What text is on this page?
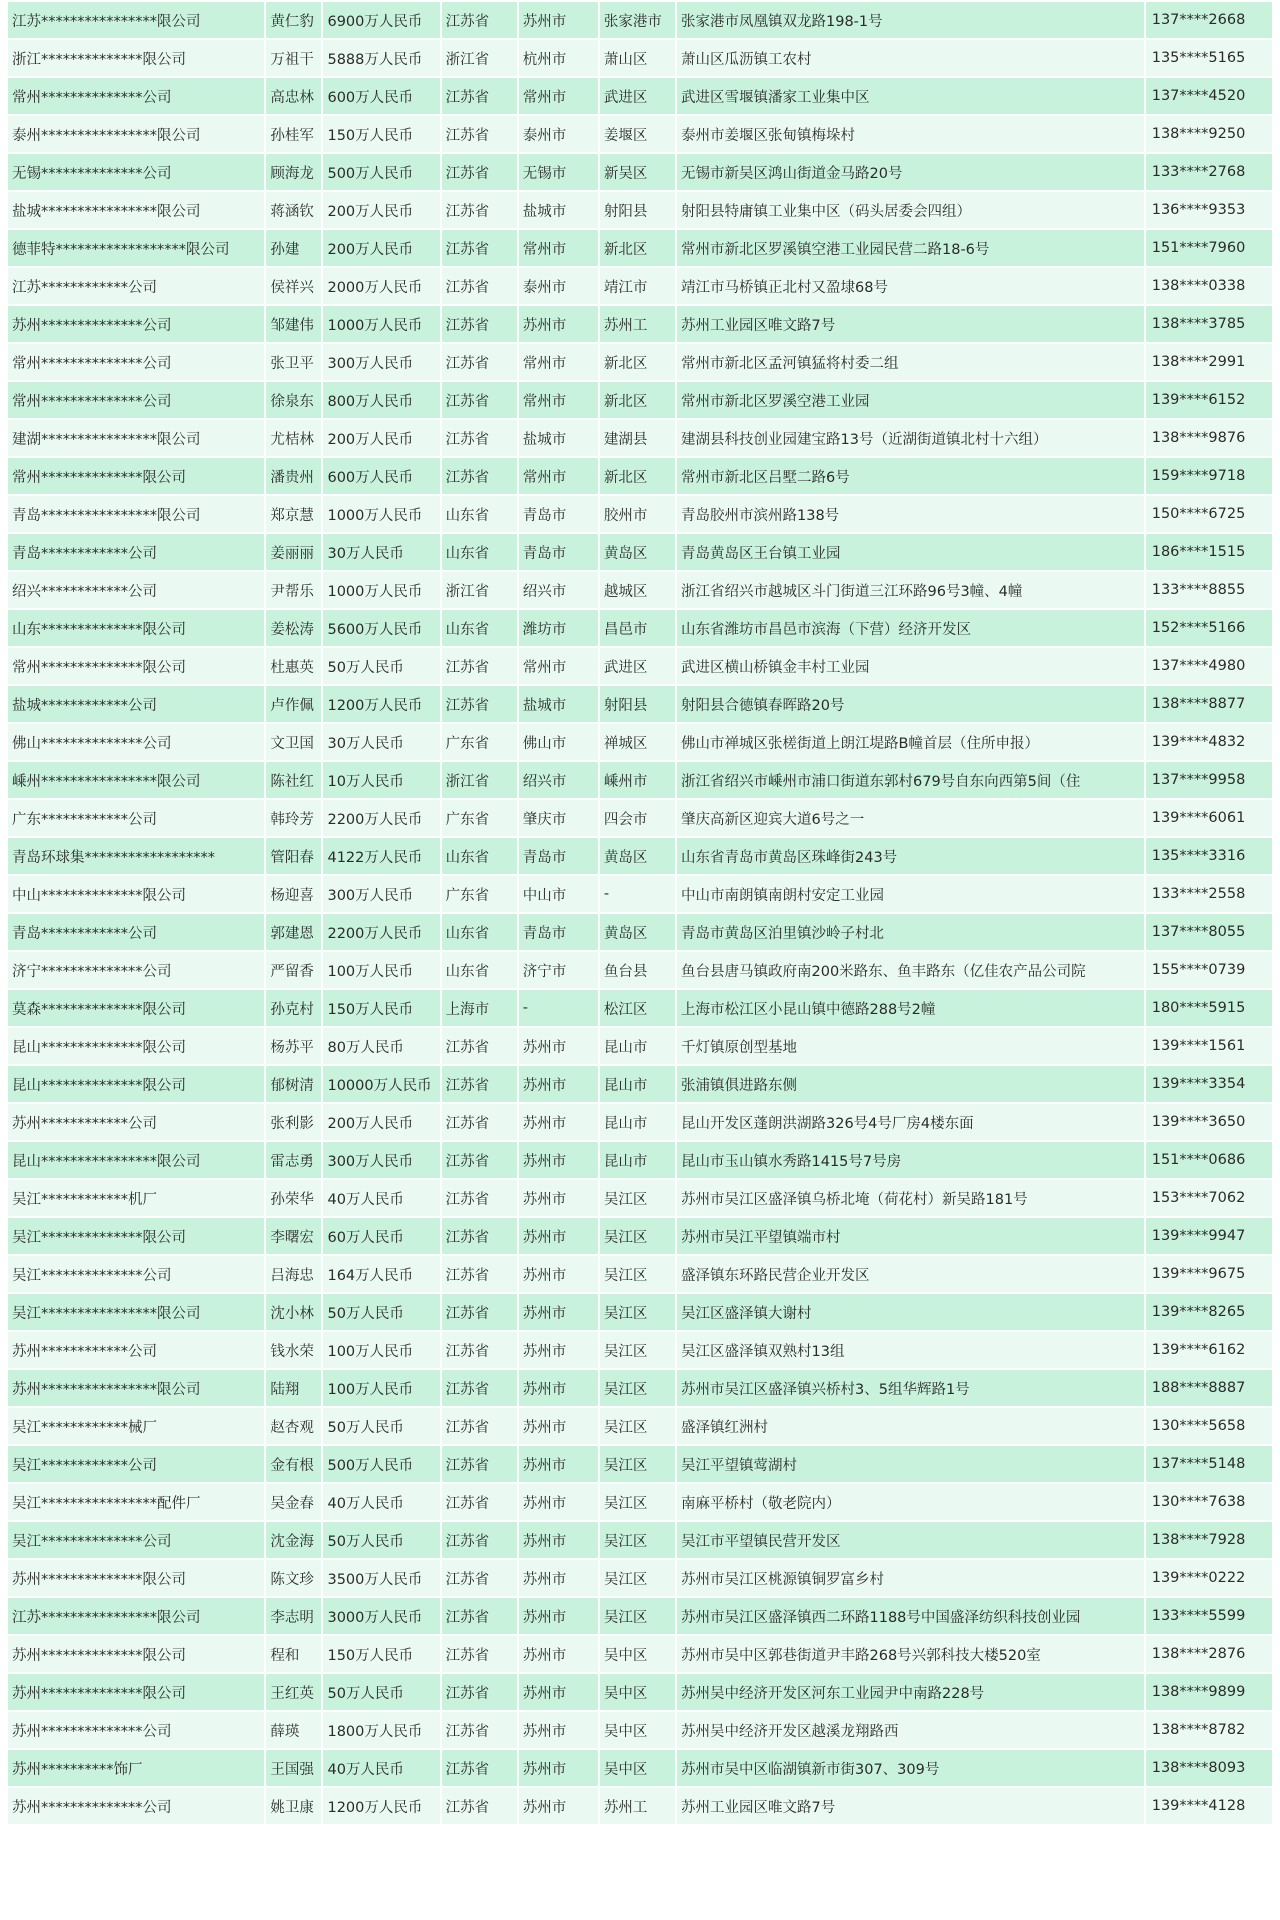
江苏****************限公司	黄仁豹	6900万人民币	江苏省	苏州市	张家港市	张家港市凤凰镇双龙路198-1号	137****2668
浙江**************限公司	万祖干	5888万人民币	浙江省	杭州市	萧山区	萧山区瓜沥镇工农村	135****5165
常州**************公司	高忠林	600万人民币	江苏省	常州市	武进区	武进区雪堰镇潘家工业集中区	137****4520
泰州****************限公司	孙桂军	150万人民币	江苏省	泰州市	姜堰区	泰州市姜堰区张甸镇梅垛村	138****9250
无锡**************公司	顾海龙	500万人民币	江苏省	无锡市	新吴区	无锡市新吴区鸿山街道金马路20号	133****2768
盐城****************限公司	蒋涵钦	200万人民币	江苏省	盐城市	射阳县	射阳县特庸镇工业集中区（码头居委会四组）	136****9353
德菲特******************限公司	孙建	200万人民币	江苏省	常州市	新北区	常州市新北区罗溪镇空港工业园民营二路18-6号	151****7960
江苏************公司	侯祥兴	2000万人民币	江苏省	泰州市	靖江市	靖江市马桥镇正北村又盈埭68号	138****0338
苏州**************公司	邹建伟	1000万人民币	江苏省	苏州市	苏州工	苏州工业园区唯文路7号	138****3785
常州**************公司	张卫平	300万人民币	江苏省	常州市	新北区	常州市新北区孟河镇猛将村委二组	138****2991
常州**************公司	徐泉东	800万人民币	江苏省	常州市	新北区	常州市新北区罗溪空港工业园	139****6152
建湖****************限公司	尤桔林	200万人民币	江苏省	盐城市	建湖县	建湖县科技创业园建宝路13号（近湖街道镇北村十六组）	138****9876
常州**************限公司	潘贵州	600万人民币	江苏省	常州市	新北区	常州市新北区吕墅二路6号	159****9718
青岛****************限公司	郑京慧	1000万人民币	山东省	青岛市	胶州市	青岛胶州市滨州路138号	150****6725
青岛************公司	姜丽丽	30万人民币	山东省	青岛市	黄岛区	青岛黄岛区王台镇工业园	186****1515
绍兴************公司	尹帮乐	1000万人民币	浙江省	绍兴市	越城区	浙江省绍兴市越城区斗门街道三江环路96号3幢、4幢	133****8855
山东**************限公司	姜松涛	5600万人民币	山东省	潍坊市	昌邑市	山东省潍坊市昌邑市滨海（下营）经济开发区	152****5166
常州**************限公司	杜惠英	50万人民币	江苏省	常州市	武进区	武进区横山桥镇金丰村工业园	137****4980
盐城************公司	卢作佩	1200万人民币	江苏省	盐城市	射阳县	射阳县合德镇春晖路20号	138****8877
佛山**************公司	文卫国	30万人民币	广东省	佛山市	禅城区	佛山市禅城区张槎街道上朗江堤路B幢首层（住所申报）	139****4832
嵊州****************限公司	陈社红	10万人民币	浙江省	绍兴市	嵊州市	浙江省绍兴市嵊州市浦口街道东郭村679号自东向西第5间（住	137****9958
广东************公司	韩玲芳	2200万人民币	广东省	肇庆市	四会市	肇庆高新区迎宾大道6号之一	139****6061
青岛环球集******************	管阳春	4122万人民币	山东省	青岛市	黄岛区	山东省青岛市黄岛区珠峰街243号	135****3316
中山**************限公司	杨迎喜	300万人民币	广东省	中山市	-	中山市南朗镇南朗村安定工业园	133****2558
青岛************公司	郭建恩	2200万人民币	山东省	青岛市	黄岛区	青岛市黄岛区泊里镇沙岭子村北	137****8055
济宁**************公司	严留香	100万人民币	山东省	济宁市	鱼台县	鱼台县唐马镇政府南200米路东、鱼丰路东（亿佳农产品公司院	155****0739
莫森**************限公司	孙克村	150万人民币	上海市	-	松江区	上海市松江区小昆山镇中德路288号2幢	180****5915
昆山**************限公司	杨苏平	80万人民币	江苏省	苏州市	昆山市	千灯镇原创型基地	139****1561
昆山**************限公司	郁树清	10000万人民币	江苏省	苏州市	昆山市	张浦镇俱进路东侧	139****3354
苏州************公司	张利影	200万人民币	江苏省	苏州市	昆山市	昆山开发区蓬朗洪湖路326号4号厂房4楼东面	139****3650
昆山****************限公司	雷志勇	300万人民币	江苏省	苏州市	昆山市	昆山市玉山镇水秀路1415号7号房	151****0686
吴江************机厂	孙荣华	40万人民币	江苏省	苏州市	吴江区	苏州市吴江区盛泽镇乌桥北埯（荷花村）新吴路181号	153****7062
吴江**************限公司	李曙宏	60万人民币	江苏省	苏州市	吴江区	苏州市吴江平望镇端市村	139****9947
吴江**************公司	吕海忠	164万人民币	江苏省	苏州市	吴江区	盛泽镇东环路民营企业开发区	139****9675
吴江****************限公司	沈小林	50万人民币	江苏省	苏州市	吴江区	吴江区盛泽镇大谢村	139****8265
苏州************公司	钱水荣	100万人民币	江苏省	苏州市	吴江区	吴江区盛泽镇双熟村13组	139****6162
苏州****************限公司	陆翔	100万人民币	江苏省	苏州市	吴江区	苏州市吴江区盛泽镇兴桥村3、5组华辉路1号	188****8887
吴江************械厂	赵杏观	50万人民币	江苏省	苏州市	吴江区	盛泽镇红洲村	130****5658
吴江************公司	金有根	500万人民币	江苏省	苏州市	吴江区	吴江平望镇莺湖村	137****5148
吴江****************配件厂	吴金春	40万人民币	江苏省	苏州市	吴江区	南麻平桥村（敬老院内）	130****7638
吴江**************公司	沈金海	50万人民币	江苏省	苏州市	吴江区	吴江市平望镇民营开发区	138****7928
苏州**************限公司	陈文珍	3500万人民币	江苏省	苏州市	吴江区	苏州市吴江区桃源镇铜罗富乡村	139****0222
江苏****************限公司	李志明	3000万人民币	江苏省	苏州市	吴江区	苏州市吴江区盛泽镇西二环路1188号中国盛泽纺织科技创业园	133****5599
苏州**************限公司	程和	150万人民币	江苏省	苏州市	吴中区	苏州市吴中区郭巷街道尹丰路268号兴郭科技大楼520室	138****2876
苏州**************限公司	王红英	50万人民币	江苏省	苏州市	吴中区	苏州吴中经济开发区河东工业园尹中南路228号	138****9899
苏州**************公司	薛瑛	1800万人民币	江苏省	苏州市	吴中区	苏州吴中经济开发区越溪龙翔路西	138****8782
苏州**********饰厂	王国强	40万人民币	江苏省	苏州市	吴中区	苏州市吴中区临湖镇新市街307、309号	138****8093
苏州**************公司	姚卫康	1200万人民币	江苏省	苏州市	苏州工	苏州工业园区唯文路7号	139****4128
